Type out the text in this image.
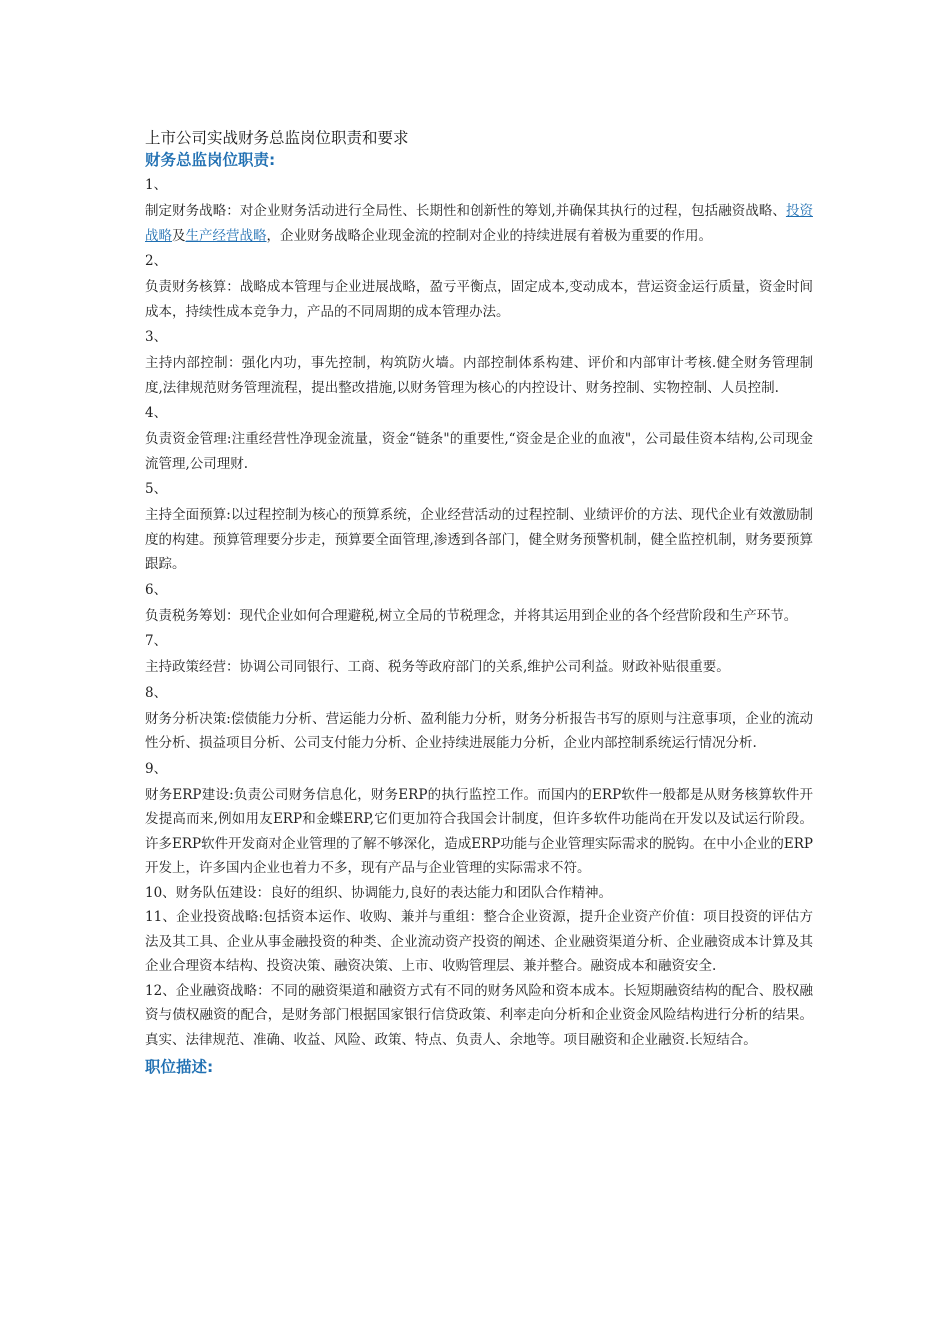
上市公司实战财务总监岗位职责和要求

财务总监岗位职责:

1、

制定财务战略：对企业财务活动进行全局性、长期性和创新性的筹划,并确保其执行的过程，包括融资战略、投资战略及生产经营战略，企业财务战略企业现金流的控制对企业的持续进展有着极为重要的作用。

2、

负责财务核算：战略成本管理与企业进展战略，盈亏平衡点，固定成本,变动成本，营运资金运行质量，资金时间成本，持续性成本竞争力，产品的不同周期的成本管理办法。

3、

主持内部控制：强化内功，事先控制，构筑防火墙。内部控制体系构建、评价和内部审计考核.健全财务管理制度,法律规范财务管理流程，提出整改措施,以财务管理为核心的内控设计、财务控制、实物控制、人员控制.

4、

负责资金管理:注重经营性净现金流量，资金“链条"的重要性,“资金是企业的血液"，公司最佳资本结构,公司现金流管理,公司理财.

5、

主持全面预算:以过程控制为核心的预算系统，企业经营活动的过程控制、业绩评价的方法、现代企业有效激励制度的构建。预算管理要分步走，预算要全面管理,渗透到各部门，健全财务预警机制，健全监控机制，财务要预算跟踪。

6、

负责税务筹划：现代企业如何合理避税,树立全局的节税理念，并将其运用到企业的各个经营阶段和生产环节。

7、

主持政策经营：协调公司同银行、工商、税务等政府部门的关系,维护公司利益。财政补贴很重要。

8、

财务分析决策:偿债能力分析、营运能力分析、盈利能力分析，财务分析报告书写的原则与注意事项，企业的流动性分析、损益项目分析、公司支付能力分析、企业持续进展能力分析，企业内部控制系统运行情况分析.

9、

财务ERP建设:负责公司财务信息化，财务ERP的执行监控工作。而国内的ERP软件一般都是从财务核算软件开发提高而来,例如用友ERP和金蝶ERP,它们更加符合我国会计制度，但许多软件功能尚在开发以及试运行阶段。许多ERP软件开发商对企业管理的了解不够深化，造成ERP功能与企业管理实际需求的脱钩。在中小企业的ERP开发上，许多国内企业也着力不多，现有产品与企业管理的实际需求不符。

10、财务队伍建设：良好的组织、协调能力,良好的表达能力和团队合作精神。

11、企业投资战略:包括资本运作、收购、兼并与重组：整合企业资源，提升企业资产价值：项目投资的评估方法及其工具、企业从事金融投资的种类、企业流动资产投资的阐述、企业融资渠道分析、企业融资成本计算及其企业合理资本结构、投资决策、融资决策、上市、收购管理层、兼并整合。融资成本和融资安全.

12、企业融资战略：不同的融资渠道和融资方式有不同的财务风险和资本成本。长短期融资结构的配合、股权融资与债权融资的配合，是财务部门根据国家银行信贷政策、利率走向分析和企业资金风险结构进行分析的结果。真实、法律规范、准确、收益、风险、政策、特点、负责人、余地等。项目融资和企业融资.长短结合。

职位描述:
